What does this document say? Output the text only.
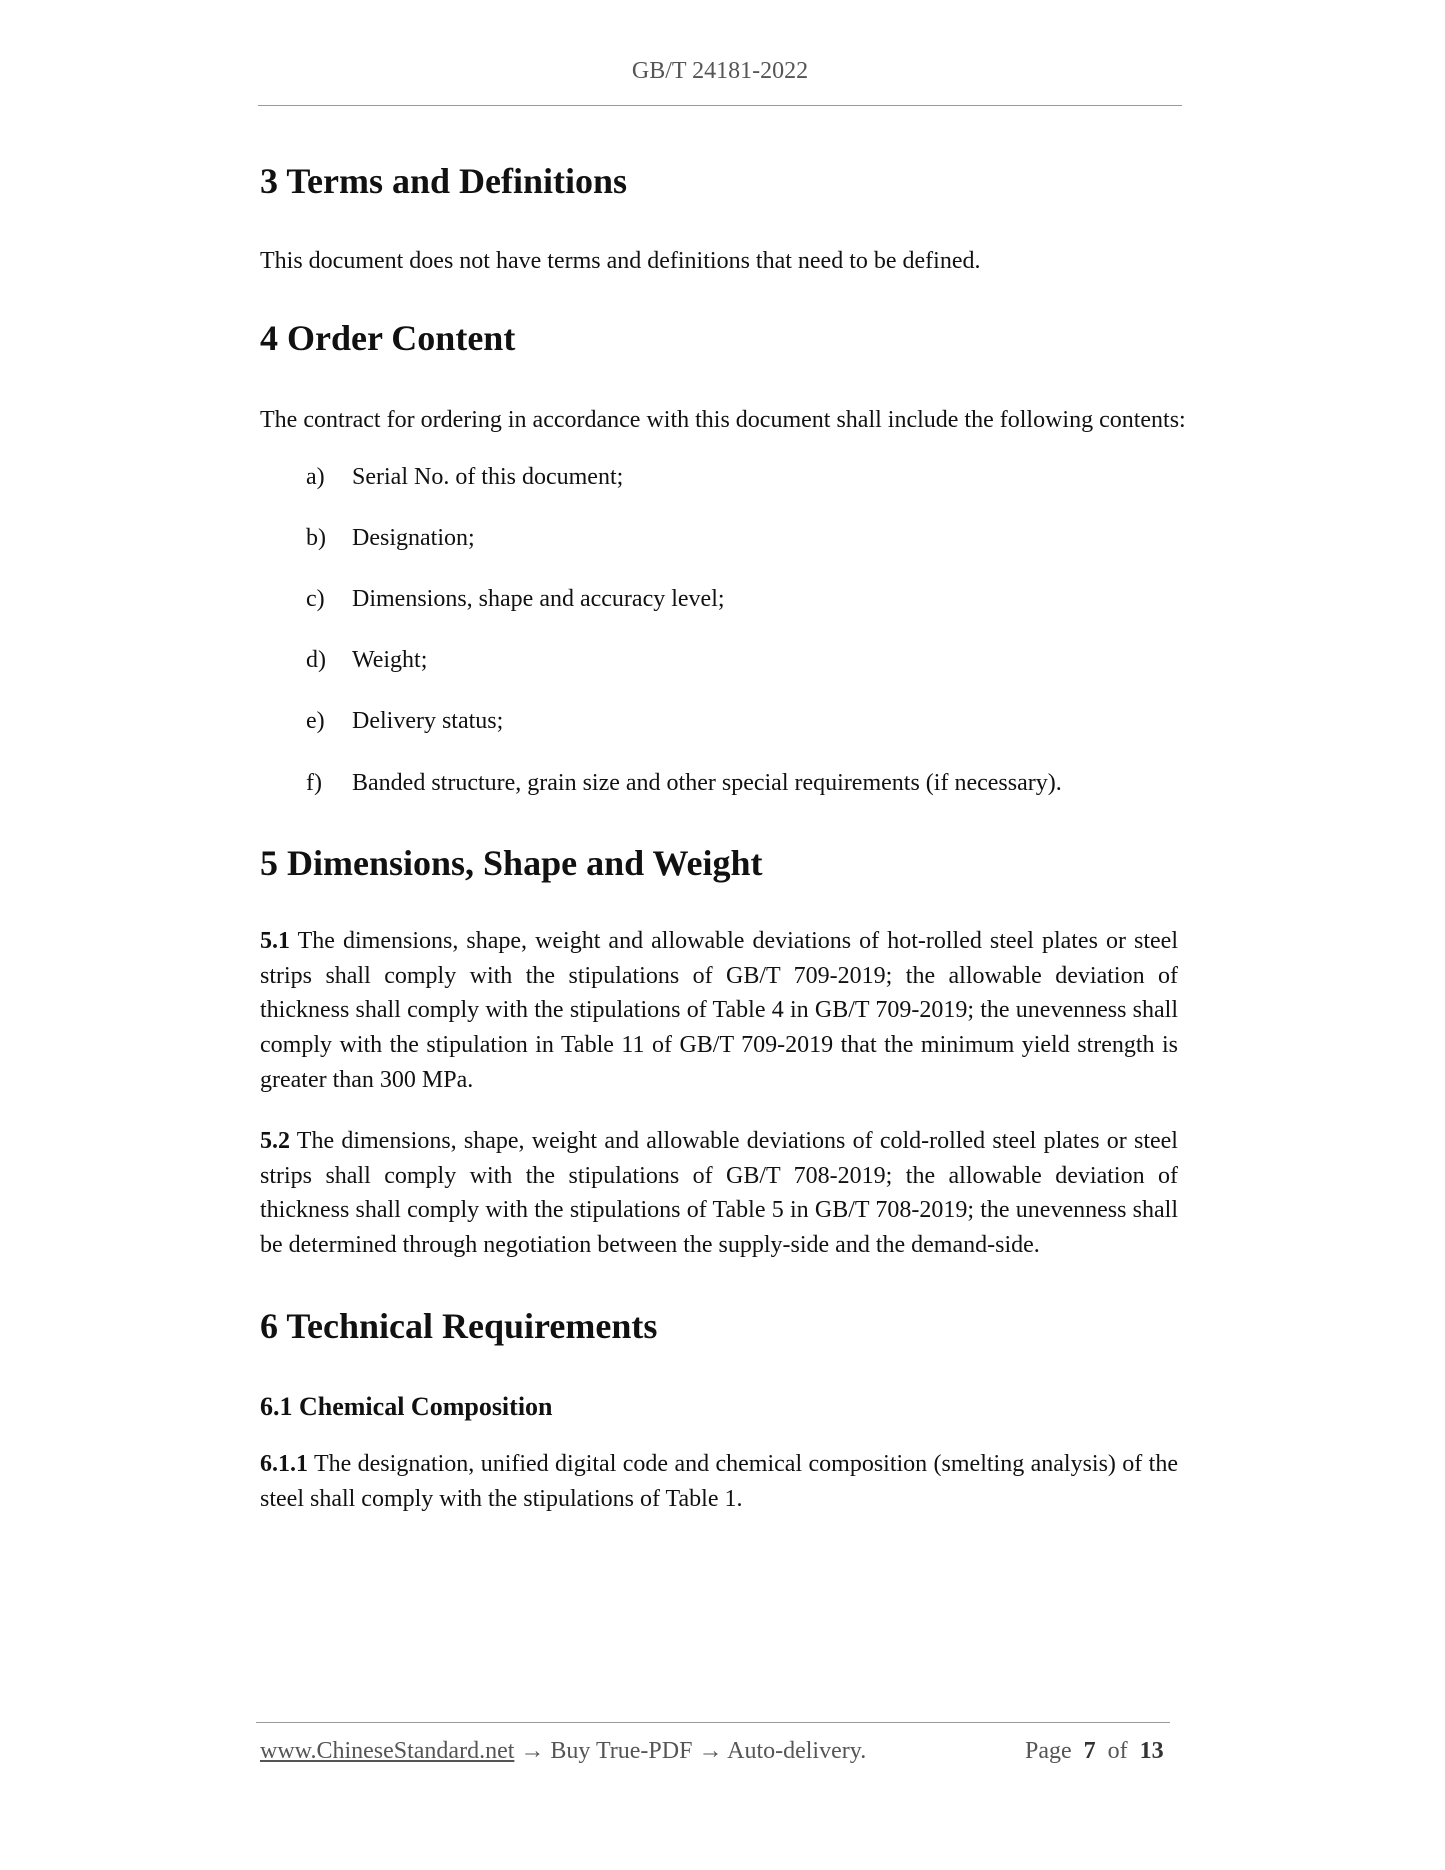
GB/T 24181-2022
3 Terms and Definitions

This document does not have terms and definitions that need to be defined.

4 Order Content

The contract for ordering in accordance with this document shall include the following contents:

a) Serial No. of this document;
b) Designation;
c) Dimensions, shape and accuracy level;
d) Weight;
e) Delivery status;
f) Banded structure, grain size and other special requirements (if necessary).
5 Dimensions, Shape and Weight

5.1 The dimensions, shape, weight and allowable deviations of hot-rolled steel plates or steel strips shall comply with the stipulations of GB/T 709-2019; the allowable deviation of thickness shall comply with the stipulations of Table 4 in GB/T 709-2019; the unevenness shall comply with the stipulation in Table 11 of GB/T 709-2019 that the minimum yield strength is greater than 300 MPa.

5.2 The dimensions, shape, weight and allowable deviations of cold-rolled steel plates or steel strips shall comply with the stipulations of GB/T 708-2019; the allowable deviation of thickness shall comply with the stipulations of Table 5 in GB/T 708-2019; the unevenness shall be determined through negotiation between the supply-side and the demand-side.

6 Technical Requirements
6.1 Chemical Composition

6.1.1 The designation, unified digital code and chemical composition (smelting analysis) of the steel shall comply with the stipulations of Table 1.

www.ChineseStandard.net → Buy True-PDF → Auto-delivery.	Page 7 of 13
